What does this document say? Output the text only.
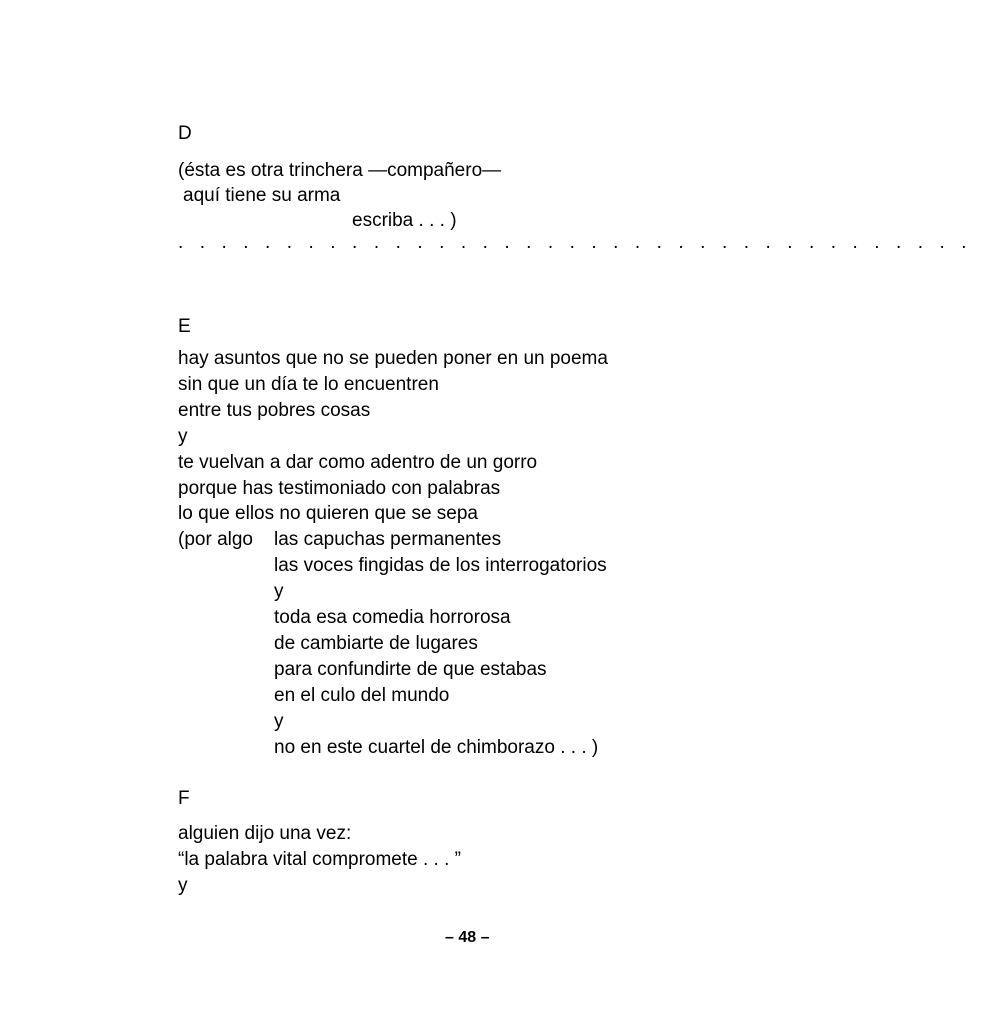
D
(ésta es otra trinchera —compañero—
aquí tiene su arma
escriba . . . )
. . . . . . . . . . . . . . . . . . . . . . . . . . . . . . . . . . . . .
E
hay asuntos que no se pueden poner en un poema
sin que un día te lo encuentren
entre tus pobres cosas
y
te vuelvan a dar como adentro de un gorro
porque has testimoniado con palabras
lo que ellos no quieren que se sepa
(por algo las capuchas permanentes
las voces fingidas de los interrogatorios
y
toda esa comedia horrorosa
de cambiarte de lugares
para confundirte de que estabas
en el culo del mundo
y
no en este cuartel de chimborazo . . . )
F
alguien dijo una vez:
“la palabra vital compromete . . . ”
y
– 48 –
